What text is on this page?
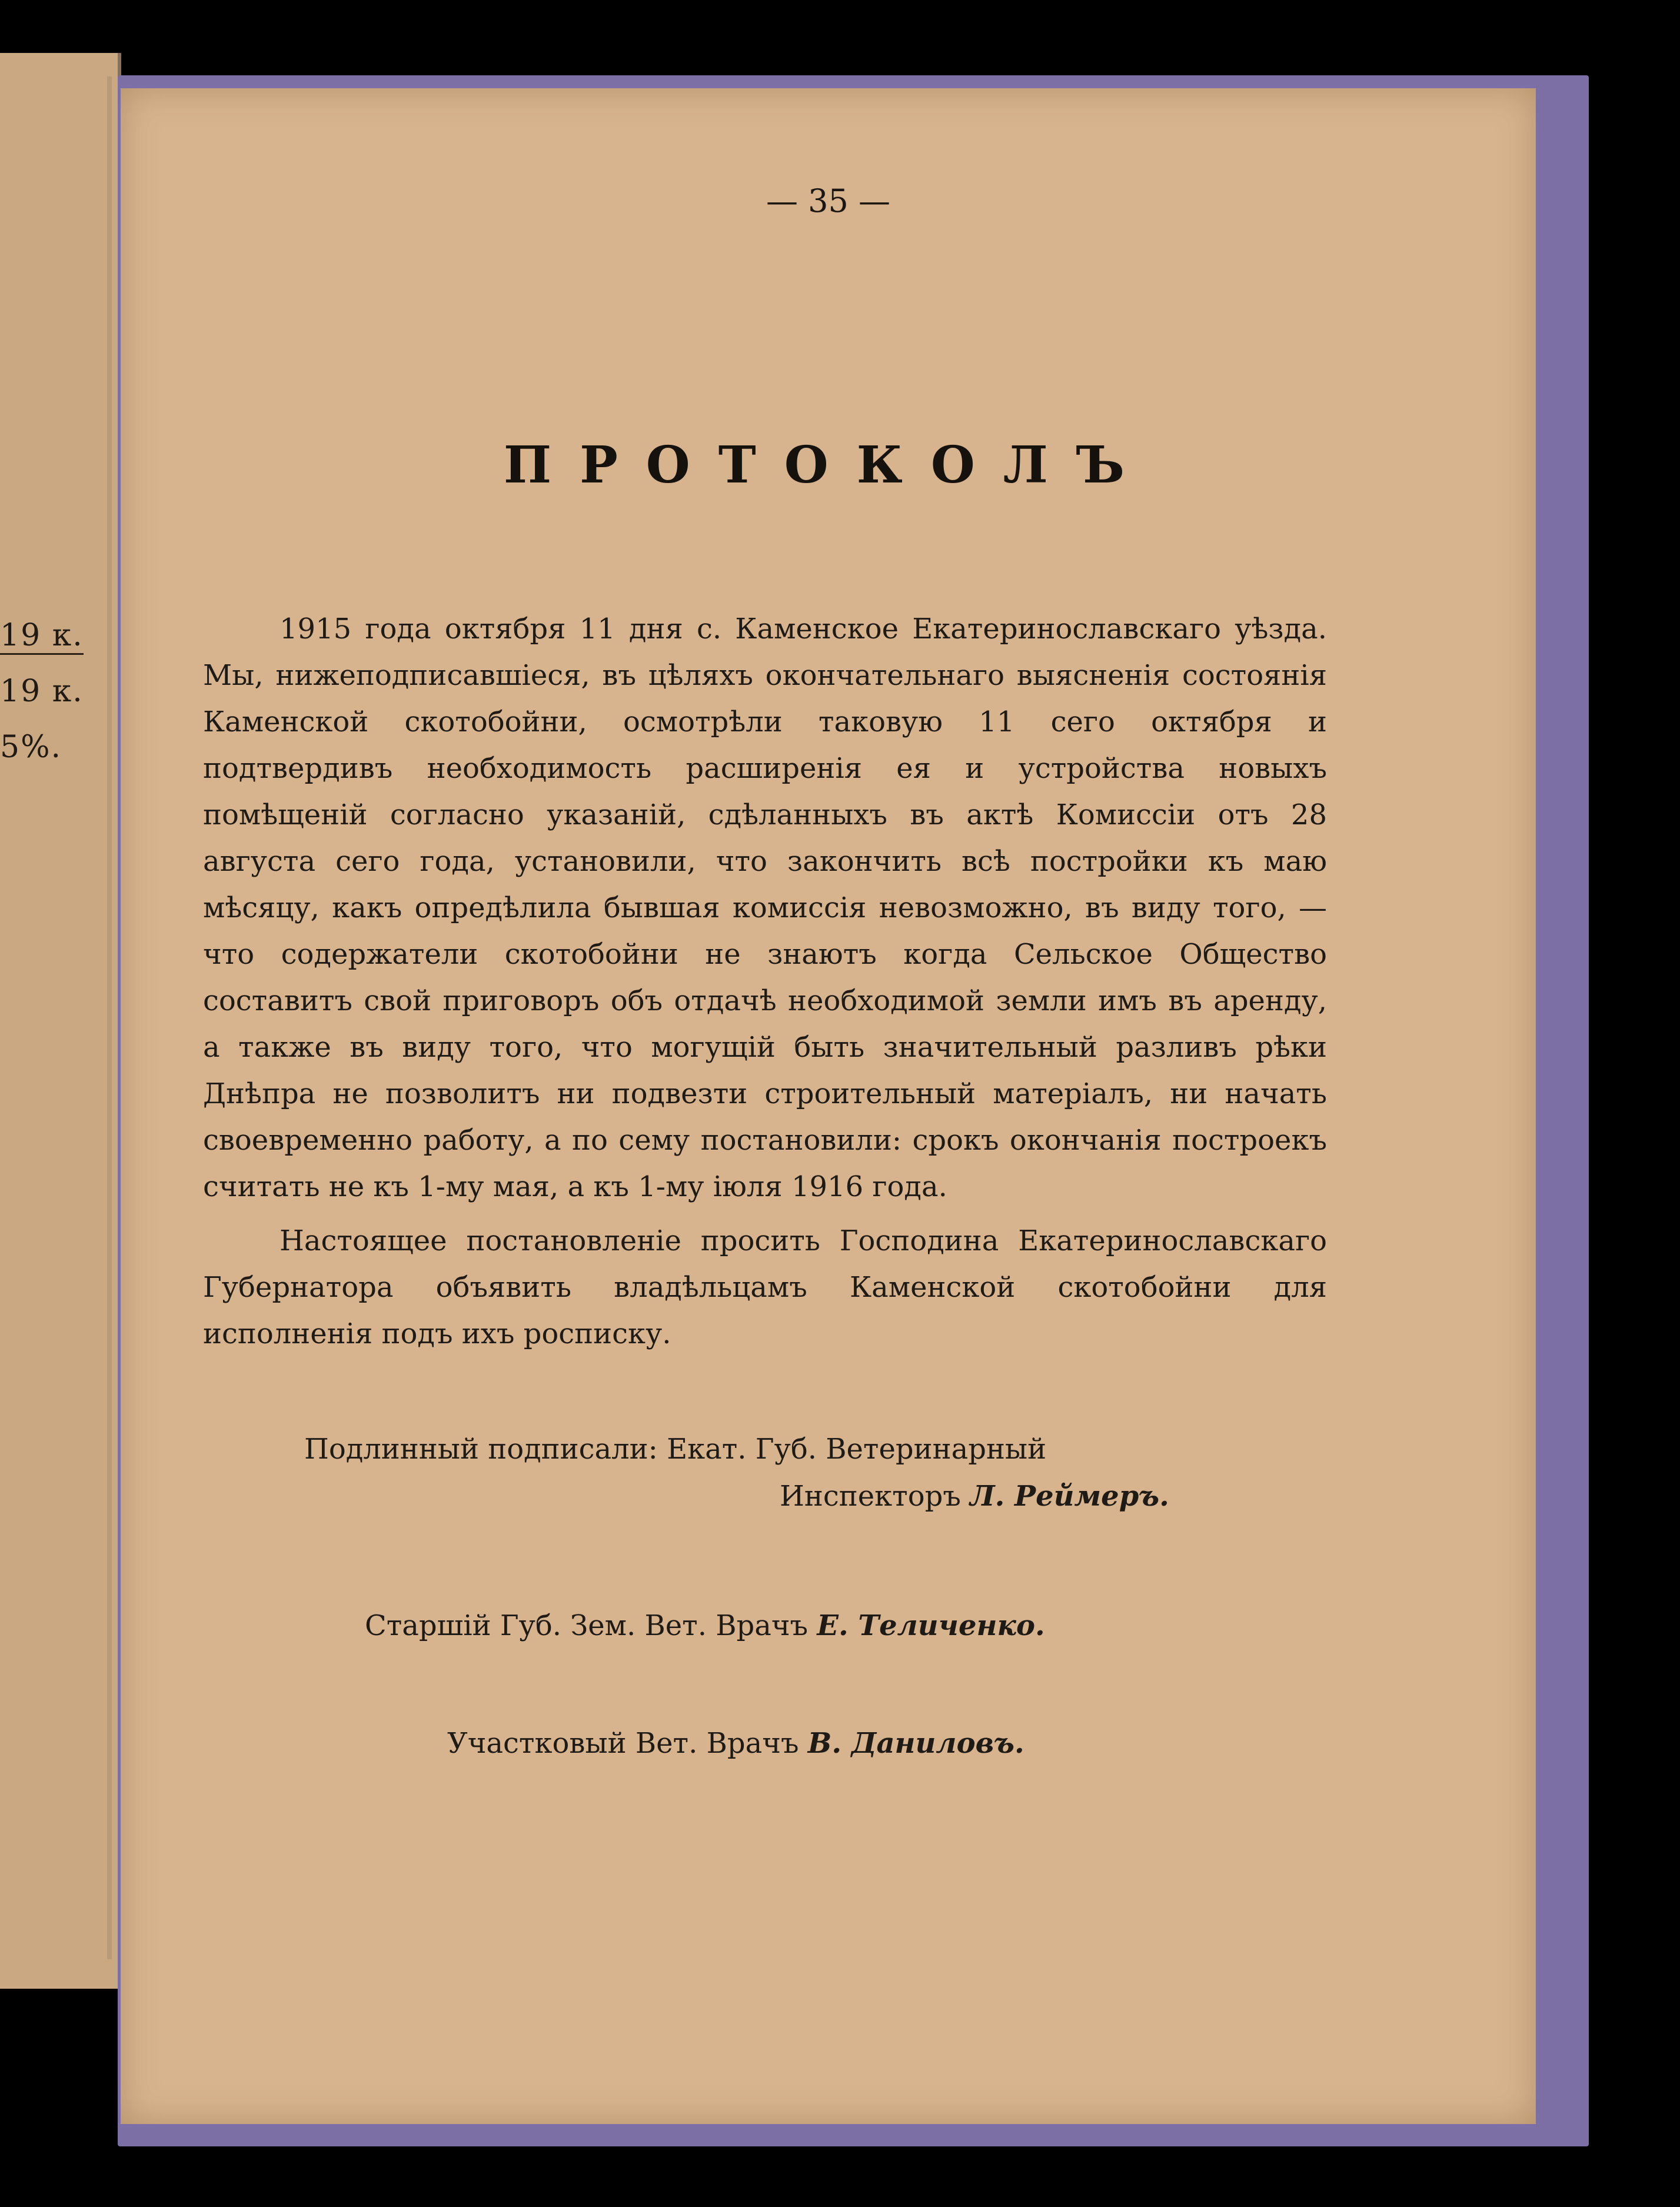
19 к.
19 к.
5%.
— 35 —
ПРОТОКОЛЪ
1915 года октября 11 дня с. Каменское Екатеринославскаго уѣзда. Мы, нижеподписавшіеся, въ цѣляхъ окончательнаго выясненія состоянія Каменской скотобойни, осмотрѣли таковую 11 сего октября и подтвердивъ необходимость расширенія ея и устройства новыхъ помѣщеній согласно указаній, сдѣланныхъ въ актѣ Комиссіи отъ 28 августа сего года, установили, что закончить всѣ постройки къ маю мѣсяцу, какъ опредѣлила бывшая комиссія невозможно, въ виду того, —что содержатели скотобойни не знаютъ когда Сельское Общество составитъ свой приговоръ объ отдачѣ необходимой земли имъ въ аренду, а также въ виду того, что могущій быть значительный разливъ рѣки Днѣпра не позволитъ ни подвезти строительный матеріалъ, ни начать своевременно работу, а по сему постановили: срокъ окончанія построекъ считать не къ 1-му мая, а къ 1-му іюля 1916 года.
Настоящее постановленіе просить Господина Екатеринославскаго Губернатора объявить владѣльцамъ Каменской скотобойни для исполненія подъ ихъ росписку.
Подлинный подписали: Екат. Губ. Ветеринарный
Инспекторъ Л. Реймеръ.
Старшій Губ. Зем. Вет. Врачъ Е. Теличенко.
Участковый Вет. Врачъ В. Даниловъ.
